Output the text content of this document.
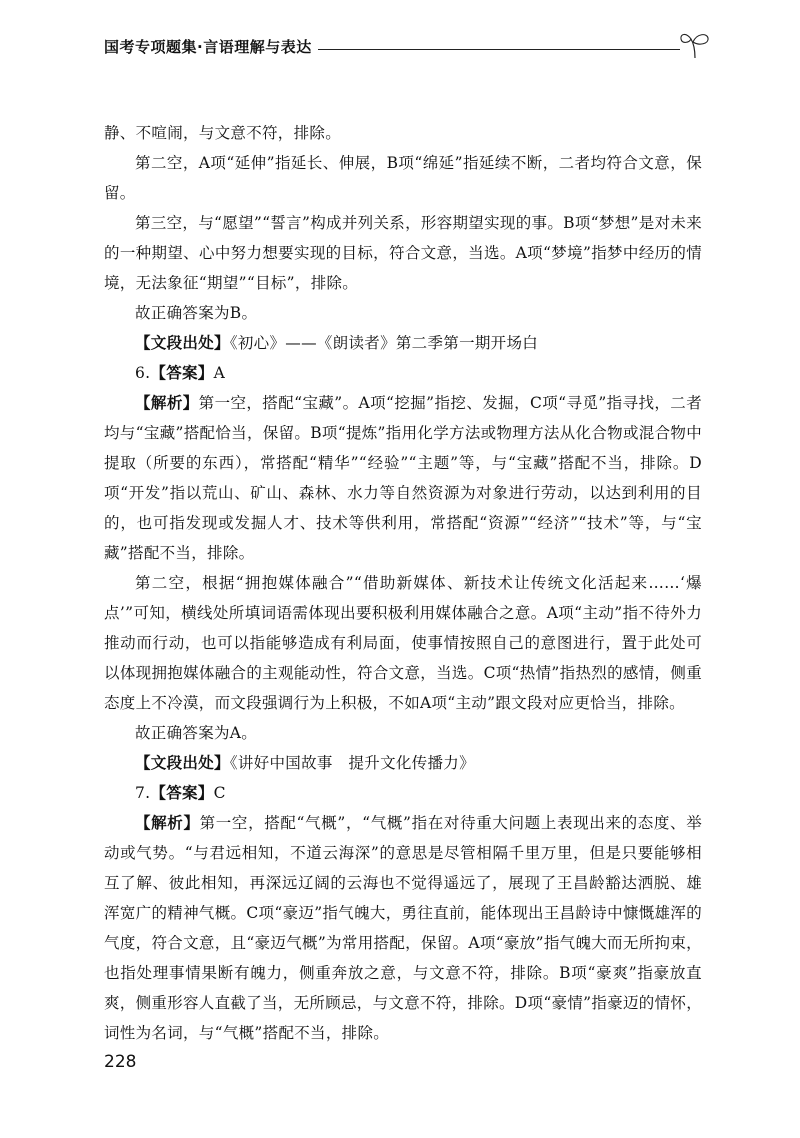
国考专项题集·言语理解与表达

静、不喧闹，与文意不符，排除。

第二空，A项“延伸”指延长、伸展，B项“绵延”指延续不断，二者均符合文意，保留。

第三空，与“愿望”“誓言”构成并列关系，形容期望实现的事。B项“梦想”是对未来的一种期望、心中努力想要实现的目标，符合文意，当选。A项“梦境”指梦中经历的情境，无法象征“期望”“目标”，排除。

故正确答案为B。

【文段出处】《初心》——《朗读者》第二季第一期开场白

6.【答案】A

【解析】第一空，搭配“宝藏”。A项“挖掘”指挖、发掘，C项“寻觅”指寻找，二者均与“宝藏”搭配恰当，保留。B项“提炼”指用化学方法或物理方法从化合物或混合物中提取（所要的东西），常搭配“精华”“经验”“主题”等，与“宝藏”搭配不当，排除。D项“开发”指以荒山、矿山、森林、水力等自然资源为对象进行劳动，以达到利用的目的，也可指发现或发掘人才、技术等供利用，常搭配“资源”“经济”“技术”等，与“宝藏”搭配不当，排除。

第二空，根据“拥抱媒体融合”“借助新媒体、新技术让传统文化活起来……‘爆点’”可知，横线处所填词语需体现出要积极利用媒体融合之意。A项“主动”指不待外力推动而行动，也可以指能够造成有利局面，使事情按照自己的意图进行，置于此处可以体现拥抱媒体融合的主观能动性，符合文意，当选。C项“热情”指热烈的感情，侧重态度上不冷漠，而文段强调行为上积极，不如A项“主动”跟文段对应更恰当，排除。

故正确答案为A。

【文段出处】《讲好中国故事　提升文化传播力》

7.【答案】C

【解析】第一空，搭配“气概”，“气概”指在对待重大问题上表现出来的态度、举动或气势。“与君远相知，不道云海深”的意思是尽管相隔千里万里，但是只要能够相互了解、彼此相知，再深远辽阔的云海也不觉得遥远了，展现了王昌龄豁达洒脱、雄浑宽广的精神气概。C项“豪迈”指气魄大，勇往直前，能体现出王昌龄诗中慷慨雄浑的气度，符合文意，且“豪迈气概”为常用搭配，保留。A项“豪放”指气魄大而无所拘束，也指处理事情果断有魄力，侧重奔放之意，与文意不符，排除。B项“豪爽”指豪放直爽，侧重形容人直截了当，无所顾忌，与文意不符，排除。D项“豪情”指豪迈的情怀，词性为名词，与“气概”搭配不当，排除。

228
